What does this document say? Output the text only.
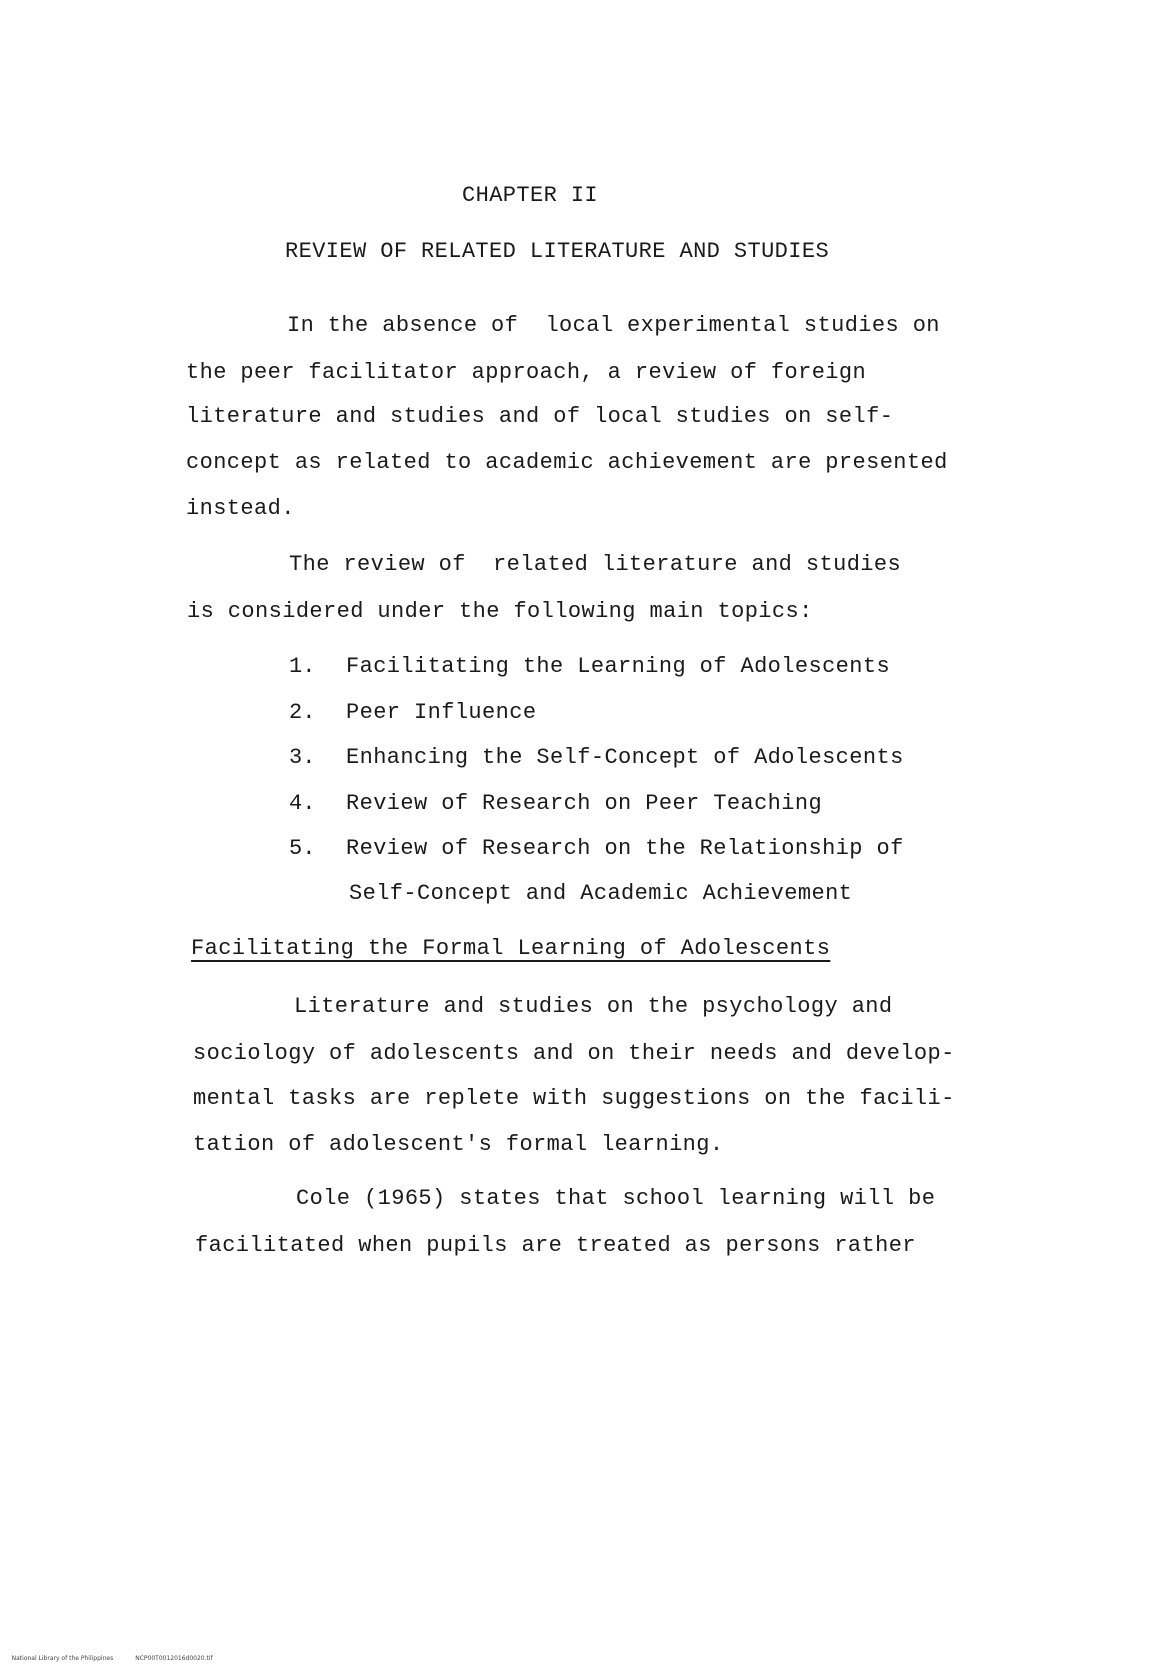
CHAPTER II
REVIEW OF RELATED LITERATURE AND STUDIES
In the absence of  local experimental studies on
the peer facilitator approach, a review of foreign
literature and studies and of local studies on self-
concept as related to academic achievement are presented
instead.
The review of  related literature and studies
is considered under the following main topics:
1. Facilitating the Learning of Adolescents
2. Peer Influence
3. Enhancing the Self-Concept of Adolescents
4. Review of Research on Peer Teaching
5. Review of Research on the Relationship of
Self-Concept and Academic Achievement
Facilitating the Formal Learning of Adolescents
Literature and studies on the psychology and
sociology of adolescents and on their needs and develop-
mental tasks are replete with suggestions on the facili-
tation of adolescent's formal learning.
Cole (1965) states that school learning will be
facilitated when pupils are treated as persons rather

National Library of the Philippines	NCP00T0012016d0020.tif
